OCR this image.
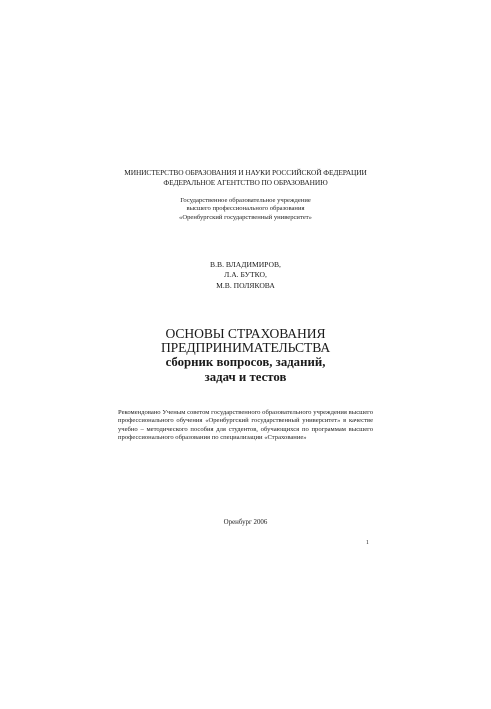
МИНИСТЕРСТВО ОБРАЗОВАНИЯ И НАУКИ РОССИЙСКОЙ ФЕДЕРАЦИИ
ФЕДЕРАЛЬНОЕ АГЕНТСТВО ПО ОБРАЗОВАНИЮ
Государственное образовательное учреждение
высшего профессионального образования
«Оренбургский государственный университет»
В.В. ВЛАДИМИРОВ,
Л.А. БУТКО,
М.В. ПОЛЯКОВА
ОСНОВЫ СТРАХОВАНИЯ
ПРЕДПРИНИМАТЕЛЬСТВА
сборник вопросов, заданий,
задач и тестов
Рекомендовано Ученым советом государственного образовательного учреждения высшего профессионального обучения «Оренбургский государственный университет» в качестве учебно – методического пособия для студентов, обучающихся по программам высшего профессионального образования по специализации «Страхование»
Оренбург 2006
1
